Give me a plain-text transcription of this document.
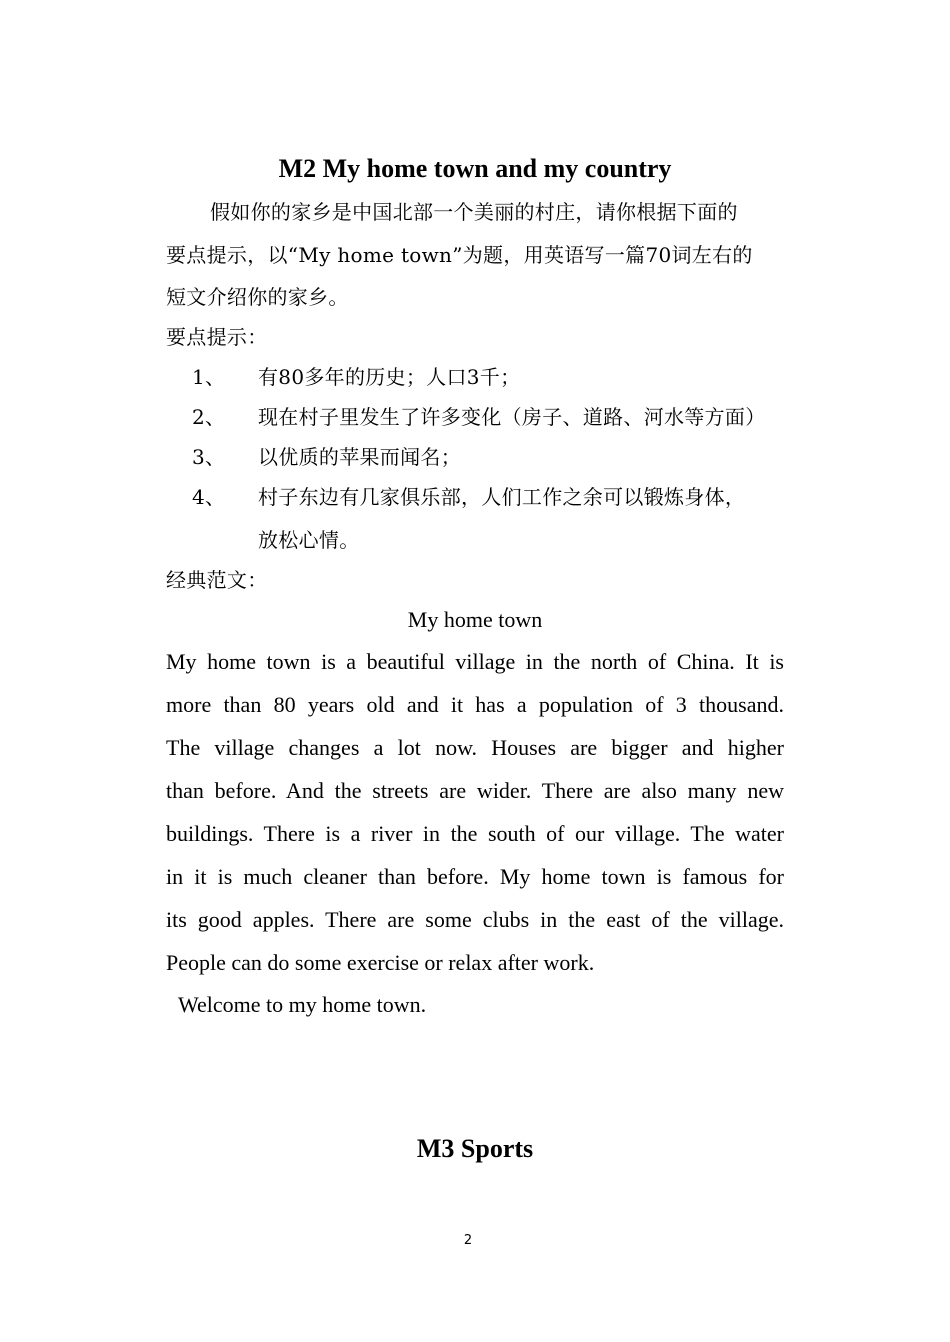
M2 My home town and my country
假如你的家乡是中国北部一个美丽的村庄，请你根据下面的
要点提示，以“My home town”为题，用英语写一篇70词左右的
短文介绍你的家乡。
要点提示：
1、 有80多年的历史；人口3千；
2、 现在村子里发生了许多变化（房子、道路、河水等方面）
3、 以优质的苹果而闻名；
4、 村子东边有几家俱乐部，人们工作之余可以锻炼身体，
放松心情。
经典范文：
My home town
My home town is a beautiful village in the north of China. It is
more than 80 years old and it has a population of 3 thousand.
The village changes a lot now. Houses are bigger and higher
than before. And the streets are wider. There are also many new
buildings. There is a river in the south of our village. The water
in it is much cleaner than before. My home town is famous for
its good apples. There are some clubs in the east of the village.
People can do some exercise or relax after work.
Welcome to my home town.
M3 Sports
2
